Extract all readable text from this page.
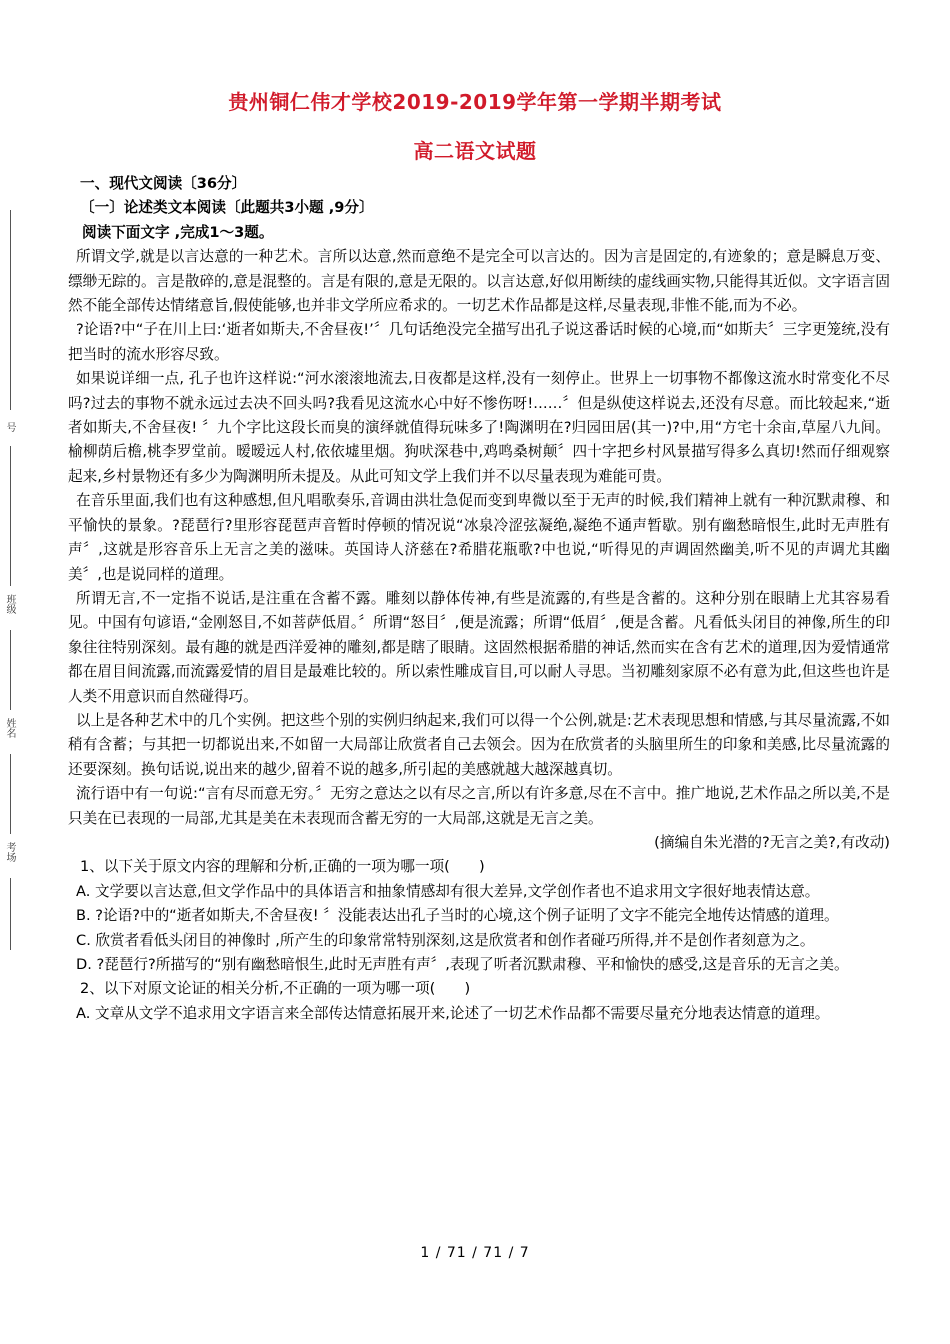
号
班级
姓名
考场
贵州铜仁伟才学校2019-2019学年第一学期半期考试
高二语文试题

一、现代文阅读〔36分〕

〔一〕论述类文本阅读〔此题共3小题 ,9分〕

阅读下面文字 ,完成1～3题。

所谓文学,就是以言达意的一种艺术。言所以达意,然而意绝不是完全可以言达的。因为言是固定的,有迹象的；意是瞬息万变、缥缈无踪的。言是散碎的,意是混整的。言是有限的,意是无限的。以言达意,好似用断续的虚线画实物,只能得其近似。文字语言固然不能全部传达情绪意旨,假使能够,也并非文学所应希求的。一切艺术作品都是这样,尽量表现,非惟不能,而为不必。

?论语?中“子在川上曰:‘逝者如斯夫,不舍昼夜!’〞几句话绝没完全描写出孔子说这番话时候的心境,而“如斯夫〞三字更笼统,没有把当时的流水形容尽致。

如果说详细一点, 孔子也许这样说:“河水滚滚地流去,日夜都是这样,没有一刻停止。世界上一切事物不都像这流水时常变化不尽吗?过去的事物不就永远过去决不回头吗?我看见这流水心中好不惨伤呀!……〞但是纵使这样说去,还没有尽意。而比较起来,“逝者如斯夫,不舍昼夜! 〞九个字比这段长而臭的演绎就值得玩味多了!陶渊明在?归园田居(其一)?中,用“方宅十余亩,草屋八九间。榆柳荫后檐,桃李罗堂前。暧暧远人村,依依墟里烟。狗吠深巷中,鸡鸣桑树颠〞四十字把乡村风景描写得多么真切!然而仔细观察起来,乡村景物还有多少为陶渊明所未提及。从此可知文学上我们并不以尽量表现为难能可贵。

在音乐里面,我们也有这种感想,但凡唱歌奏乐,音调由洪壮急促而变到卑微以至于无声的时候,我们精神上就有一种沉默肃穆、和平愉快的景象。?琵琶行?里形容琵琶声音暂时停顿的情况说“冰泉冷涩弦凝绝,凝绝不通声暂歇。别有幽愁暗恨生,此时无声胜有声〞,这就是形容音乐上无言之美的滋味。英国诗人济慈在?希腊花瓶歌?中也说,“听得见的声调固然幽美,听不见的声调尤其幽美〞,也是说同样的道理。

所谓无言,不一定指不说话,是注重在含蓄不露。雕刻以静体传神,有些是流露的,有些是含蓄的。这种分别在眼睛上尤其容易看见。中国有句谚语,“金刚怒目,不如菩萨低眉。〞所谓“怒目〞,便是流露；所谓“低眉〞,便是含蓄。凡看低头闭目的神像,所生的印象往往特别深刻。最有趣的就是西洋爱神的雕刻,都是瞎了眼睛。这固然根据希腊的神话,然而实在含有艺术的道理,因为爱情通常都在眉目间流露,而流露爱情的眉目是最难比较的。所以索性雕成盲目,可以耐人寻思。当初雕刻家原不必有意为此,但这些也许是人类不用意识而自然碰得巧。

以上是各种艺术中的几个实例。把这些个别的实例归纳起来,我们可以得一个公例,就是:艺术表现思想和情感,与其尽量流露,不如稍有含蓄；与其把一切都说出来,不如留一大局部让欣赏者自己去领会。因为在欣赏者的头脑里所生的印象和美感,比尽量流露的还要深刻。换句话说,说出来的越少,留着不说的越多,所引起的美感就越大越深越真切。

流行语中有一句说:“言有尽而意无穷。〞无穷之意达之以有尽之言,所以有许多意,尽在不言中。推广地说,艺术作品之所以美,不是只美在已表现的一局部,尤其是美在未表现而含蓄无穷的一大局部,这就是无言之美。

(摘编自朱光潜的?无言之美?,有改动)

1、以下关于原文内容的理解和分析,正确的一项为哪一项(　　)

A. 文学要以言达意,但文学作品中的具体语言和抽象情感却有很大差异,文学创作者也不追求用文字很好地表情达意。

B. ?论语?中的“逝者如斯夫,不舍昼夜! 〞没能表达出孔子当时的心境,这个例子证明了文字不能完全地传达情感的道理。

C. 欣赏者看低头闭目的神像时 ,所产生的印象常常特别深刻,这是欣赏者和创作者碰巧所得,并不是创作者刻意为之。

D. ?琵琶行?所描写的“别有幽愁暗恨生,此时无声胜有声〞,表现了听者沉默肃穆、平和愉快的感受,这是音乐的无言之美。

2、以下对原文论证的相关分析,不正确的一项为哪一项(　　)

A. 文章从文学不追求用文字语言来全部传达情意拓展开来,论述了一切艺术作品都不需要尽量充分地表达情意的道理。

1 / 71 / 71 / 7
